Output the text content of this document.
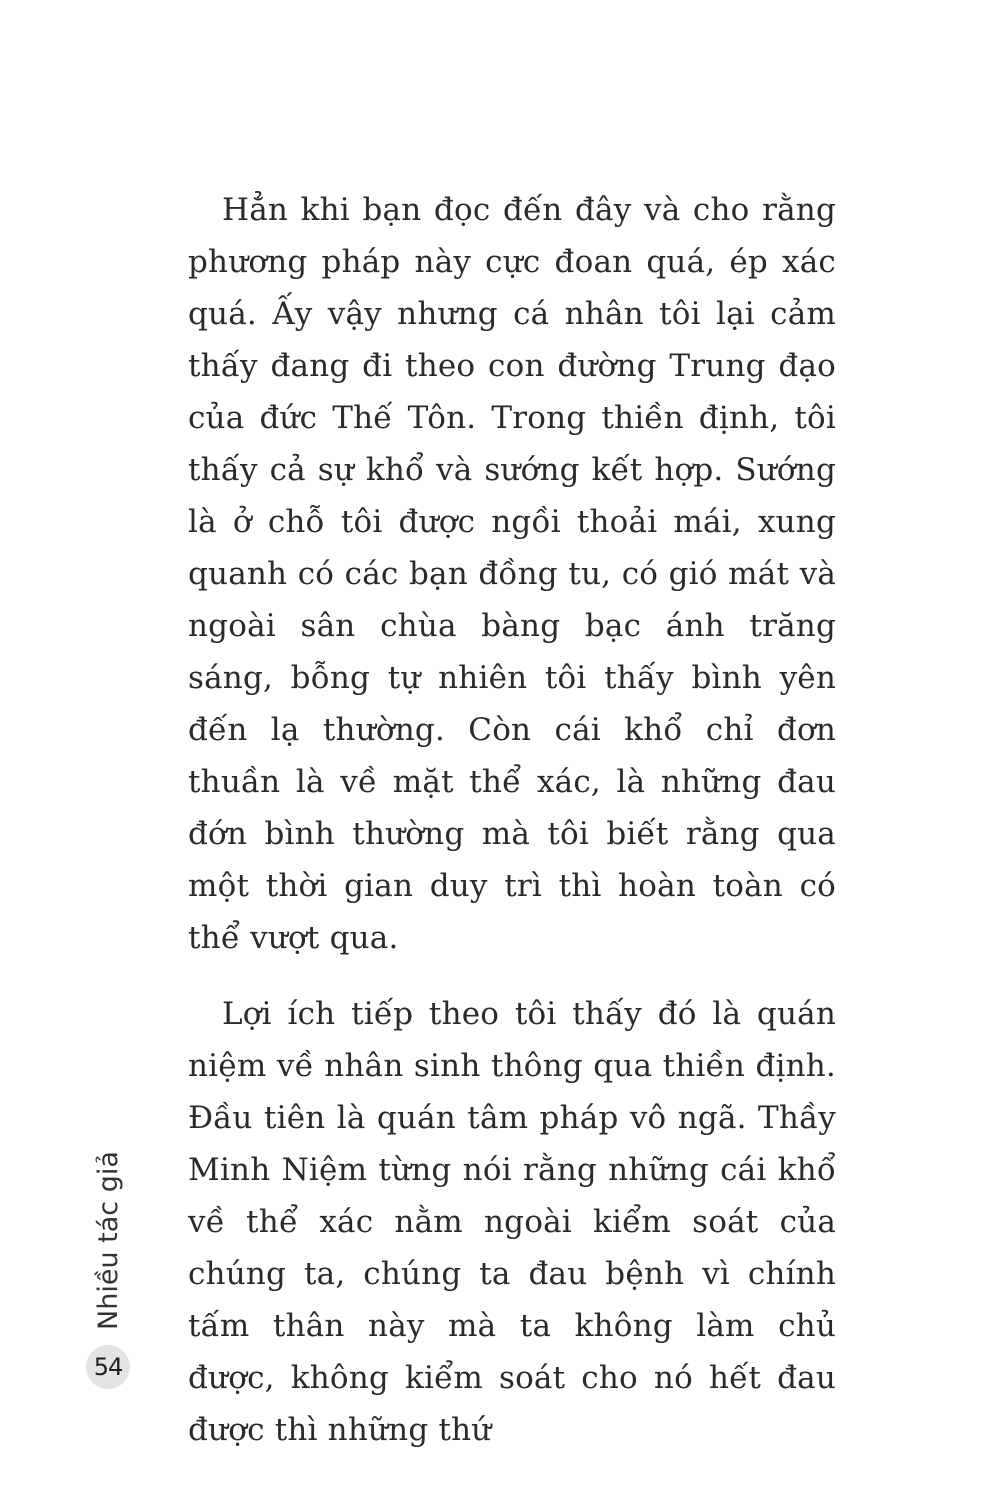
Hẳn khi bạn đọc đến đây và cho rằng phương pháp này cực đoan quá, ép xác quá. Ấy vậy nhưng cá nhân tôi lại cảm thấy đang đi theo con đường Trung đạo của đức Thế Tôn. Trong thiền định, tôi thấy cả sự khổ và sướng kết hợp. Sướng là ở chỗ tôi được ngồi thoải mái, xung quanh có các bạn đồng tu, có gió mát và ngoài sân chùa bàng bạc ánh trăng sáng, bỗng tự nhiên tôi thấy bình yên đến lạ thường. Còn cái khổ chỉ đơn thuần là về mặt thể xác, là những đau đớn bình thường mà tôi biết rằng qua một thời gian duy trì thì hoàn toàn có thể vượt qua.

Lợi ích tiếp theo tôi thấy đó là quán niệm về nhân sinh thông qua thiền định. Đầu tiên là quán tâm pháp vô ngã. Thầy Minh Niệm từng nói rằng những cái khổ về thể xác nằm ngoài kiểm soát của chúng ta, chúng ta đau bệnh vì chính tấm thân này mà ta không làm chủ được, không kiểm soát cho nó hết đau được thì những thứ

Nhiều tác giả
54
